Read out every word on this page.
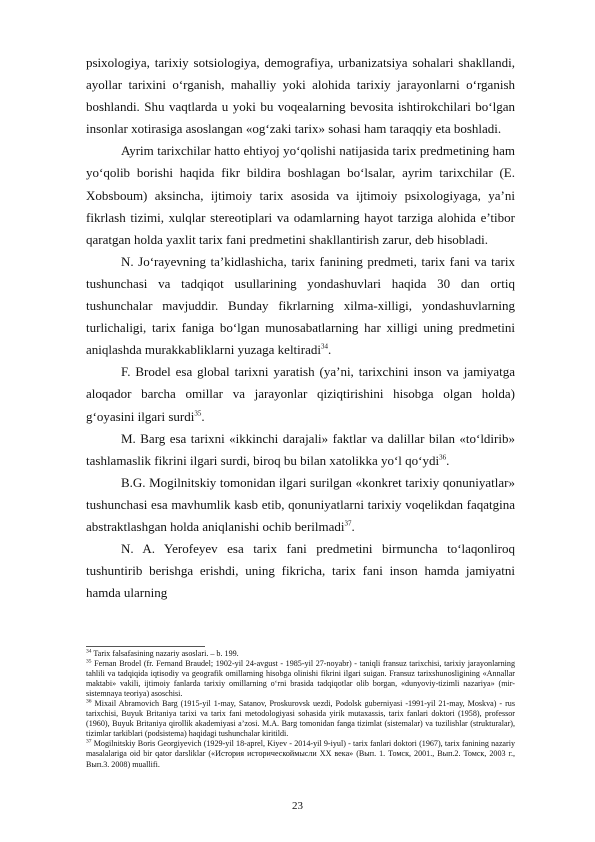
psixologiya, tarixiy sotsiologiya, demografiya, urbanizatsiya sohalari shakllandi, ayollar tarixini o‘rganish, mahalliy yoki alohida tarixiy jarayonlarni o‘rganish boshlandi. Shu vaqtlarda u yoki bu voqealarning bevosita ishtirokchilari bo‘lgan insonlar xotirasiga asoslangan «og‘zaki tarix» sohasi ham taraqqiy eta boshladi.

Ayrim tarixchilar hatto ehtiyoj yo‘qolishi natijasida tarix predmetining ham yo‘qolib borishi haqida fikr bildira boshlagan bo‘lsalar, ayrim tarixchilar (E. Xobsboum) aksincha, ijtimoiy tarix asosida va ijtimoiy psixologiyaga, ya’ni fikrlash tizimi, xulqlar stereotiplari va odamlarning hayot tarziga alohida e’tibor qaratgan holda yaxlit tarix fani predmetini shakllantirish zarur, deb hisobladi.

N. Jo‘rayevning ta’kidlashicha, tarix fanining predmeti, tarix fani va tarix tushunchasi va tadqiqot usullarining yondashuvlari haqida 30 dan ortiq tushunchalar mavjuddir. Bunday fikrlarning xilma-xilligi, yondashuvlarning turlichaligi, tarix faniga bo‘lgan munosabatlarning har xilligi uning predmetini aniqlashda murakkabliklarni yuzaga keltiradi$^{34}$.

F. Brodel esa global tarixni yaratish (ya’ni, tarixchini inson va jamiyatga aloqador barcha omillar va jarayonlar qiziqtirishini hisobga olgan holda) g‘oyasini ilgari surdi$^{35}$.

M. Barg esa tarixni «ikkinchi darajali» faktlar va dalillar bilan «to‘ldirib» tashlamaslik fikrini ilgari surdi, biroq bu bilan xatolikka yo‘l qo‘ydi$^{36}$.

B.G. Mogilnitskiy tomonidan ilgari surilgan «konkret tarixiy qonuniyatlar» tushunchasi esa mavhumlik kasb etib, qonuniyatlarni tarixiy voqelikdan faqatgina abstraktlashgan holda aniqlanishi ochib berilmadi$^{37}$.

N. A. Yerofeyev esa tarix fani predmetini birmuncha to‘laqonliroq tushuntirib berishga erishdi, uning fikricha, tarix fani inson hamda jamiyatni hamda ularning

$^{34}$ Tarix falsafasining nazariy asoslari. – b. 199.

$^{35}$ Fernan Brodel (fr. Fernand Braudel; 1902-yil 24-avgust - 1985-yil 27-noyabr) - taniqli fransuz tarixchisi, tarixiy jarayonlarning tahlili va tadqiqida iqtisodiy va geografik omillarning hisobga olinishi fikrini ilgari suigan. Fransuz tarixshunosligining «Annallar maktabi» vakili, ijtimoiy fanlarda tarixiy omillarning o‘rni brasida tadqiqotlar olib borgan, «dunyoviy-tizimli nazariya» (mir-sistemnaya teoriya) asoschisi.

$^{36}$ Mixail Abramovich Barg (1915-yil 1-may, Satanov, Proskurovsk uezdi, Podolsk guberniyasi -1991-yil 21-may, Moskva) - rus tarixchisi, Buyuk Britaniya tarixi va tarix fani metodologiyasi sohasida yirik mutaxassis, tarix fanlari doktori (1958), professor (1960), Buyuk Britaniya qirollik akademiyasi a’zosi. M.A. Barg tomonidan fanga tizimlat (sistemalar) va tuzilishlar (strukturalar), tizimlar tarkiblari (podsistema) haqidagi tushunchalar kiritildi.

$^{37}$ Mogilnitskiy Boris Georgiyevich (1929-yil 18-aprel, Kiyev - 2014-yil 9-iyul) - tarix fanlari doktori (1967), tarix fanining nazariy masalalariga oid bir qator darsliklar («История историческоймысли XX века» (Вып. 1. Томск, 2001., Вып.2. Томск, 2003 г., Вып.3. 2008) muallifi.

23
